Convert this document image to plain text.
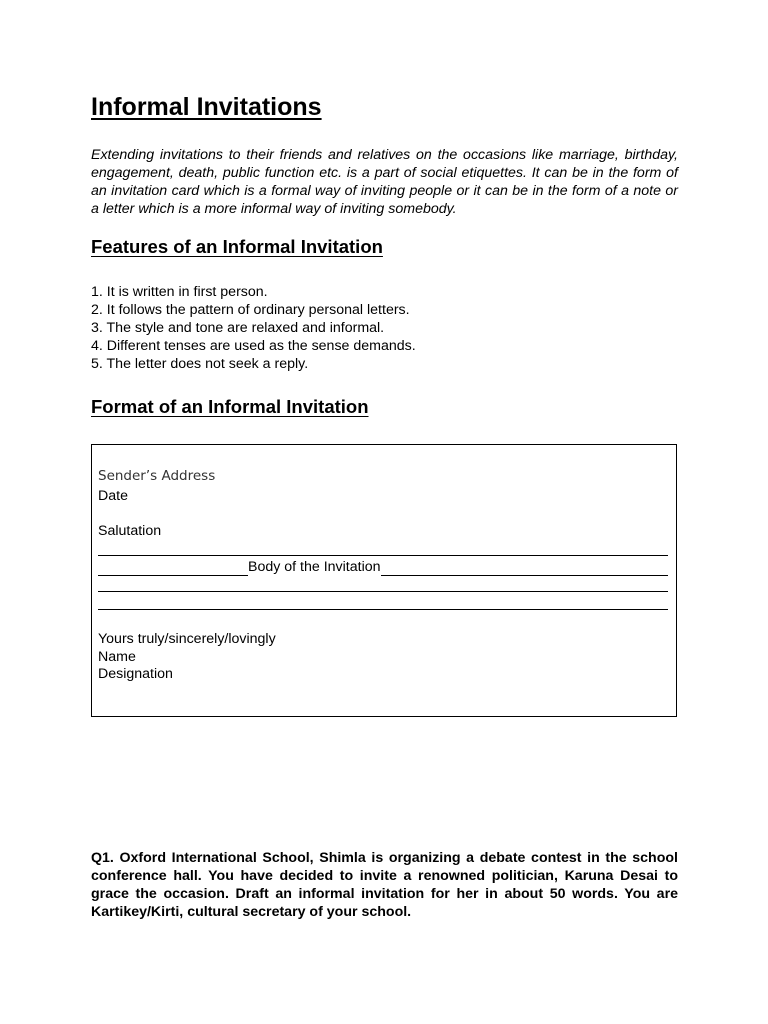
Informal Invitations

Extending invitations to their friends and relatives on the occasions like marriage, birthday, engagement, death, public function etc. is a part of social etiquettes. It can be in the form of an invitation card which is a formal way of inviting people or it can be in the form of a note or a letter which is a more informal way of inviting somebody.

Features of an Informal Invitation
1. It is written in first person.
2. It follows the pattern of ordinary personal letters.
3. The style and tone are relaxed and informal.
4. Different tenses are used as the sense demands.
5. The letter does not seek a reply.
Format of an Informal Invitation
Sender’s Address
Date
Salutation
Body of the Invitation
Yours truly/sincerely/lovingly
Name
Designation

Q1. Oxford International School, Shimla is organizing a debate contest in the school conference hall. You have decided to invite a renowned politician, Karuna Desai to grace the occasion. Draft an informal invitation for her in about 50 words. You are Kartikey/Kirti, cultural secretary of your school.
